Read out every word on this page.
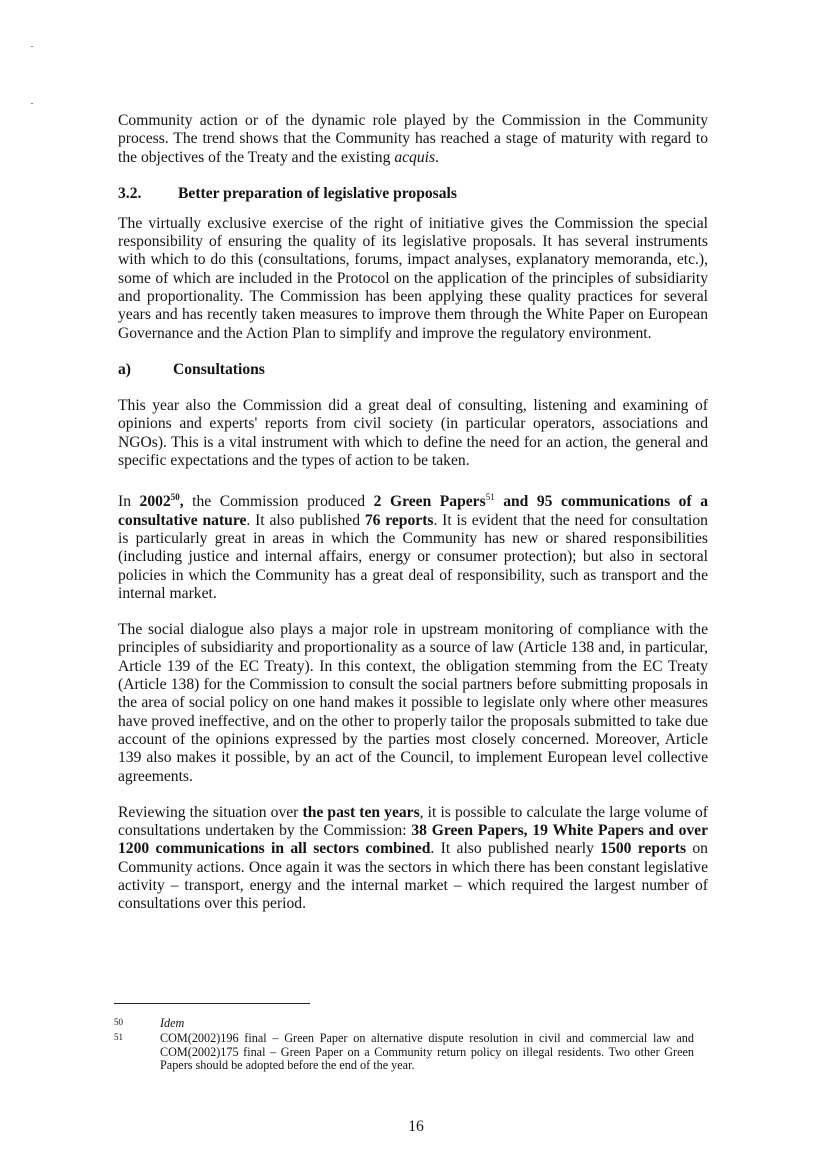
Community action or of the dynamic role played by the Commission in the Community process. The trend shows that the Community has reached a stage of maturity with regard to the objectives of the Treaty and the existing acquis.

3.2.	Better preparation of legislative proposals

The virtually exclusive exercise of the right of initiative gives the Commission the special responsibility of ensuring the quality of its legislative proposals. It has several instruments with which to do this (consultations, forums, impact analyses, explanatory memoranda, etc.), some of which are included in the Protocol on the application of the principles of subsidiarity and proportionality. The Commission has been applying these quality practices for several years and has recently taken measures to improve them through the White Paper on European Governance and the Action Plan to simplify and improve the regulatory environment.

a)	Consultations

This year also the Commission did a great deal of consulting, listening and examining of opinions and experts' reports from civil society (in particular operators, associations and NGOs). This is a vital instrument with which to define the need for an action, the general and specific expectations and the types of action to be taken.

In 2002$^{50}$, the Commission produced 2 Green Papers$^{51}$ and 95 communications of a consultative nature. It also published 76 reports. It is evident that the need for consultation is particularly great in areas in which the Community has new or shared responsibilities (including justice and internal affairs, energy or consumer protection); but also in sectoral policies in which the Community has a great deal of responsibility, such as transport and the internal market.

The social dialogue also plays a major role in upstream monitoring of compliance with the principles of subsidiarity and proportionality as a source of law (Article 138 and, in particular, Article 139 of the EC Treaty). In this context, the obligation stemming from the EC Treaty (Article 138) for the Commission to consult the social partners before submitting proposals in the area of social policy on one hand makes it possible to legislate only where other measures have proved ineffective, and on the other to properly tailor the proposals submitted to take due account of the opinions expressed by the parties most closely concerned. Moreover, Article 139 also makes it possible, by an act of the Council, to implement European level collective agreements.

Reviewing the situation over the past ten years, it is possible to calculate the large volume of consultations undertaken by the Commission: 38 Green Papers, 19 White Papers and over 1200 communications in all sectors combined. It also published nearly 1500 reports on Community actions. Once again it was the sectors in which there has been constant legislative activity – transport, energy and the internal market – which required the largest number of consultations over this period.

50	Idem
51	COM(2002)196 final – Green Paper on alternative dispute resolution in civil and commercial law and COM(2002)175 final – Green Paper on a Community return policy on illegal residents. Two other Green Papers should be adopted before the end of the year.
16
